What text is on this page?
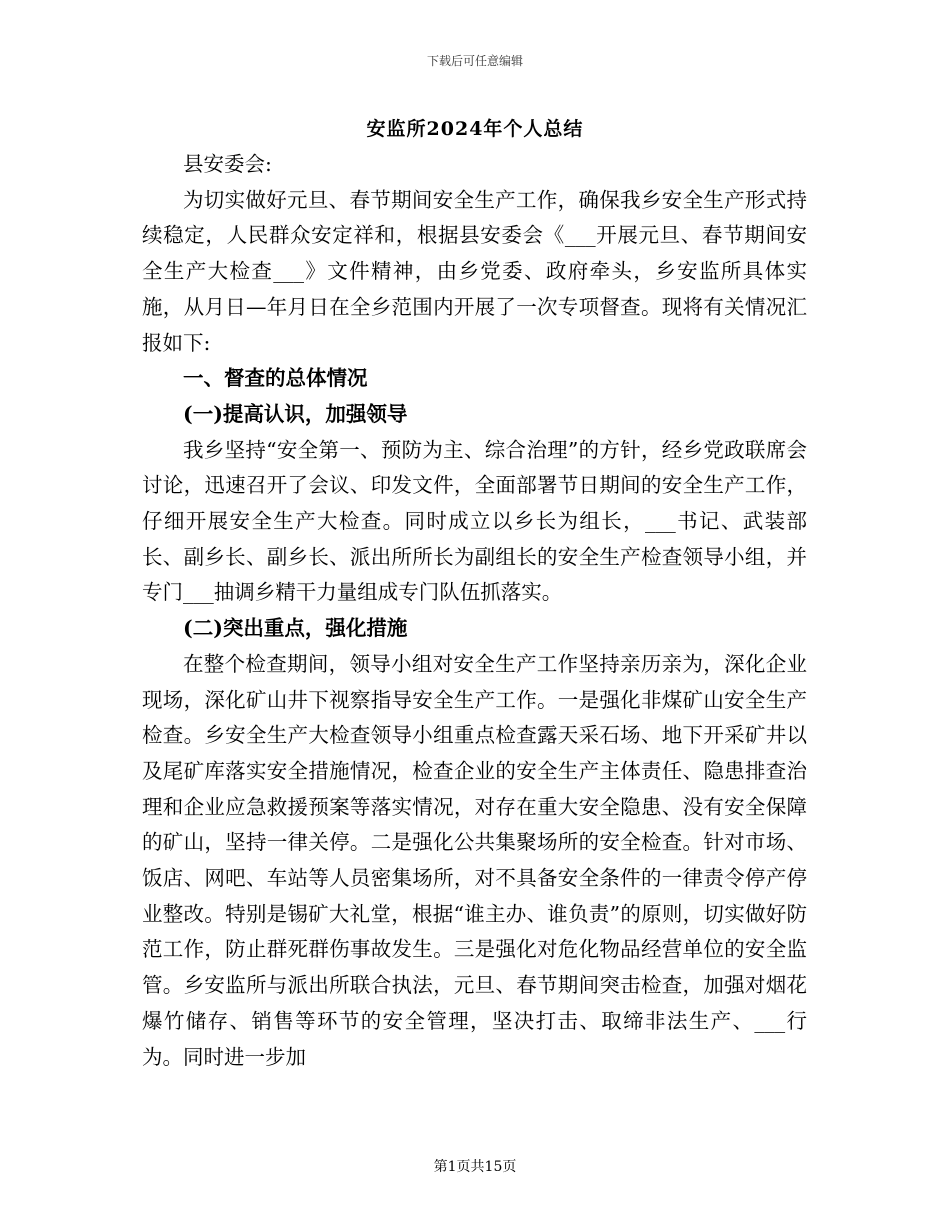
下载后可任意编辑
安监所2024年个人总结

县安委会:

为切实做好元旦、春节期间安全生产工作，确保我乡安全生产形式持续稳定，人民群众安定祥和，根据县安委会《___开展元旦、春节期间安全生产大检查___》文件精神，由乡党委、政府牵头，乡安监所具体实施，从月日—年月日在全乡范围内开展了一次专项督查。现将有关情况汇报如下:

一、督查的总体情况

(一)提高认识，加强领导

我乡坚持“安全第一、预防为主、综合治理”的方针，经乡党政联席会讨论，迅速召开了会议、印发文件，全面部署节日期间的安全生产工作，仔细开展安全生产大检查。同时成立以乡长为组长，___书记、武装部长、副乡长、副乡长、派出所所长为副组长的安全生产检查领导小组，并专门___抽调乡精干力量组成专门队伍抓落实。

(二)突出重点，强化措施

在整个检查期间，领导小组对安全生产工作坚持亲历亲为，深化企业现场，深化矿山井下视察指导安全生产工作。一是强化非煤矿山安全生产检查。乡安全生产大检查领导小组重点检查露天采石场、地下开采矿井以及尾矿库落实安全措施情况，检查企业的安全生产主体责任、隐患排查治理和企业应急救援预案等落实情况，对存在重大安全隐患、没有安全保障的矿山，坚持一律关停。二是强化公共集聚场所的安全检查。针对市场、饭店、网吧、车站等人员密集场所，对不具备安全条件的一律责令停产停业整改。特别是锡矿大礼堂，根据“谁主办、谁负责”的原则，切实做好防范工作，防止群死群伤事故发生。三是强化对危化物品经营单位的安全监管。乡安监所与派出所联合执法，元旦、春节期间突击检查，加强对烟花爆竹储存、销售等环节的安全管理，坚决打击、取缔非法生产、___行为。同时进一步加

第1页共15页
